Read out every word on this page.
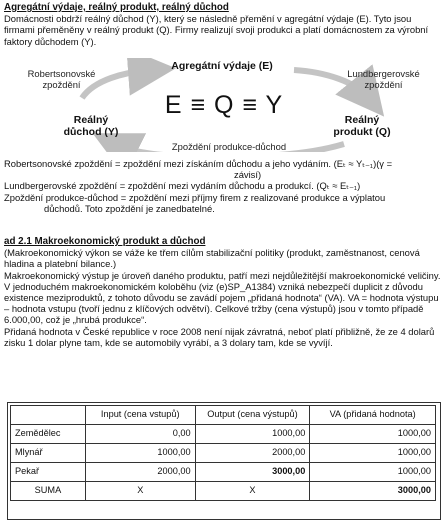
Agregátní výdaje, reálný produkt, reálný důchod

Domácnosti obdrží reálný důchod (Y), který se následně přemění v agregátní výdaje (E). Tyto jsou firmami přeměněny v reálný produkt (Q). Firmy realizují svoji produkci a platí domácnostem za výrobní faktory důchodem (Y).

Robertsonovské
zpoždění
Agregátní výdaje (E)
Lundbergerovské
zpoždění
E ≡ Q ≡ Y
Reálný
důchod (Y)
Reálný
produkt (Q)
Zpoždění produkce-důchod

Robertsonovské zpoždění = zpoždění mezi získáním důchodu a jeho vydáním. (Eₜ ≈ Yₜ₋₁)(γ =

závisí)

Lundbergerovské zpoždění = zpoždění mezi vydáním důchodu a produkcí. (Qₜ ≈ Eₜ₋₁)

Zpoždění produkce-důchod = zpoždění mezi příjmy firem z realizované produkce a výplatou

důchodů. Toto zpoždění je zanedbatelné.

ad 2.1 Makroekonomický produkt a důchod

(Makroekonomický výkon se váže ke třem cílům stabilizační politiky (produkt, zaměstnanost, cenová hladina a platební bilance.)

Makroekonomický výstup je úroveň daného produktu, patří mezi nejdůležitější makroekonomické veličiny.

V jednoduchém makroekonomickém koloběhu (viz (e)SP_A1384) vzniká nebezpečí duplicit z důvodu existence meziproduktů, z tohoto důvodu se zavádí pojem „přidaná hodnota“ (VA). VA = hodnota výstupu – hodnota vstupu (tvoří jednu z klíčových odvětví). Celkové tržby (cena výstupů) jsou v tomto případě 6.000,00, což je „hrubá produkce“.

Přidaná hodnota v České republice v roce 2008 není nijak závratná, neboť platí přibližně, že ze 4 dolarů zisku 1 dolar plyne tam, kde se automobily vyrábí, a 3 dolary tam, kde se vyvíjí.

	Input (cena vstupů)	Output (cena výstupů)	VA (přidaná hodnota)
Zemědělec	0,00	1000,00	1000,00
Mlynář	1000,00	2000,00	1000,00
Pekař	2000,00	3000,00	1000,00
SUMA	X	X	3000,00
